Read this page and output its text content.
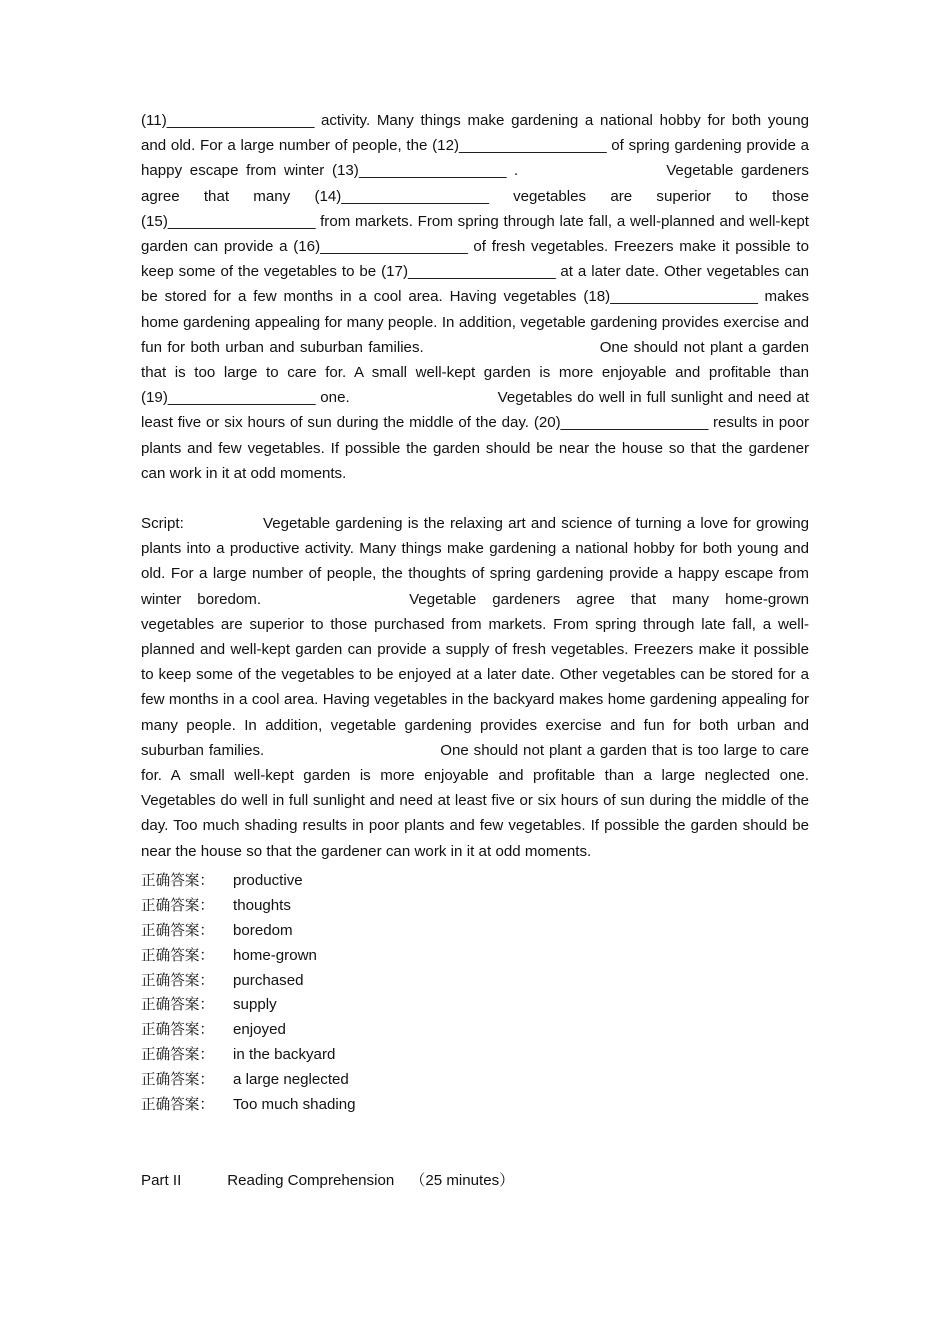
(11)__________________ activity. Many things make gardening a national hobby for both young and old. For a large number of people, the (12)__________________ of spring gardening provide a happy escape from winter (13)__________________ .	Vegetable gardeners agree that many (14)__________________ vegetables are superior to those (15)__________________ from markets. From spring through late fall, a well-planned and well-kept garden can provide a (16)__________________ of fresh vegetables. Freezers make it possible to keep some of the vegetables to be (17)__________________ at a later date. Other vegetables can be stored for a few months in a cool area. Having vegetables (18)__________________ makes home gardening appealing for many people. In addition, vegetable gardening provides exercise and fun for both urban and suburban families.	One should not plant a garden that is too large to care for. A small well-kept garden is more enjoyable and profitable than (19)__________________ one.	Vegetables do well in full sunlight and need at least five or six hours of sun during the middle of the day. (20)__________________ results in poor plants and few vegetables. If possible the garden should be near the house so that the gardener can work in it at odd moments.

Script:	Vegetable gardening is the relaxing art and science of turning a love for growing plants into a productive activity. Many things make gardening a national hobby for both young and old. For a large number of people, the thoughts of spring gardening provide a happy escape from winter boredom.	Vegetable gardeners agree that many home-grown vegetables are superior to those purchased from markets. From spring through late fall, a well-planned and well-kept garden can provide a supply of fresh vegetables. Freezers make it possible to keep some of the vegetables to be enjoyed at a later date. Other vegetables can be stored for a few months in a cool area. Having vegetables in the backyard makes home gardening appealing for many people. In addition, vegetable gardening provides exercise and fun for both urban and suburban families.	One should not plant a garden that is too large to care for. A small well-kept garden is more enjoyable and profitable than a large neglected one. Vegetables do well in full sunlight and need at least five or six hours of sun during the middle of the day. Too much shading results in poor plants and few vegetables. If possible the garden should be near the house so that the gardener can work in it at odd moments.

正确答案： productive
正确答案： thoughts
正确答案： boredom
正确答案： home-grown
正确答案： purchased
正确答案： supply
正确答案： enjoyed
正确答案： in the backyard
正确答案： a large neglected
正确答案： Too much shading
Part II	Reading Comprehension （25 minutes）
